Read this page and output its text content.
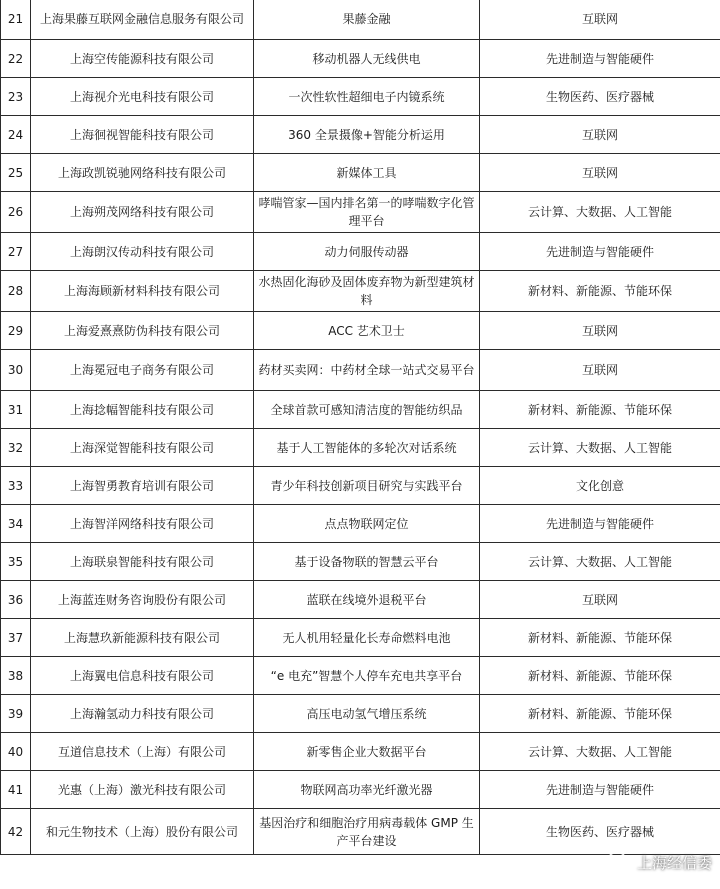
21	上海果藤互联网金融信息服务有限公司	果藤金融	互联网
22	上海空传能源科技有限公司	移动机器人无线供电	先进制造与智能硬件
23	上海视介光电科技有限公司	一次性软性超细电子内镜系统	生物医药、医疗器械
24	上海徊视智能科技有限公司	360 全景摄像+智能分析运用	互联网
25	上海政凯锐驰网络科技有限公司	新媒体工具	互联网
26	上海朔茂网络科技有限公司	哮喘管家—国内排名第一的哮喘数字化管理平台	云计算、大数据、人工智能
27	上海朗汉传动科技有限公司	动力伺服传动器	先进制造与智能硬件
28	上海海顾新材料科技有限公司	水热固化海砂及固体废弃物为新型建筑材料	新材料、新能源、节能环保
29	上海爱熹熹防伪科技有限公司	ACC 艺术卫士	互联网
30	上海冕冠电子商务有限公司	药材买卖网：中药材全球一站式交易平台	互联网
31	上海捻幅智能科技有限公司	全球首款可感知清洁度的智能纺织品	新材料、新能源、节能环保
32	上海深觉智能科技有限公司	基于人工智能体的多轮次对话系统	云计算、大数据、人工智能
33	上海智勇教育培训有限公司	青少年科技创新项目研究与实践平台	文化创意
34	上海智洋网络科技有限公司	点点物联网定位	先进制造与智能硬件
35	上海联泉智能科技有限公司	基于设备物联的智慧云平台	云计算、大数据、人工智能
36	上海蓝连财务咨询股份有限公司	蓝联在线境外退税平台	互联网
37	上海慧玖新能源科技有限公司	无人机用轻量化长寿命燃料电池	新材料、新能源、节能环保
38	上海翼电信息科技有限公司	“e 电充”智慧个人停车充电共享平台	新材料、新能源、节能环保
39	上海瀚氢动力科技有限公司	高压电动氢气增压系统	新材料、新能源、节能环保
40	互道信息技术（上海）有限公司	新零售企业大数据平台	云计算、大数据、人工智能
41	光惠（上海）激光科技有限公司	物联网高功率光纤激光器	先进制造与智能硬件
42	和元生物技术（上海）股份有限公司	基因治疗和细胞治疗用病毒载体 GMP 生产平台建设	生物医药、医疗器械
上海经信委
